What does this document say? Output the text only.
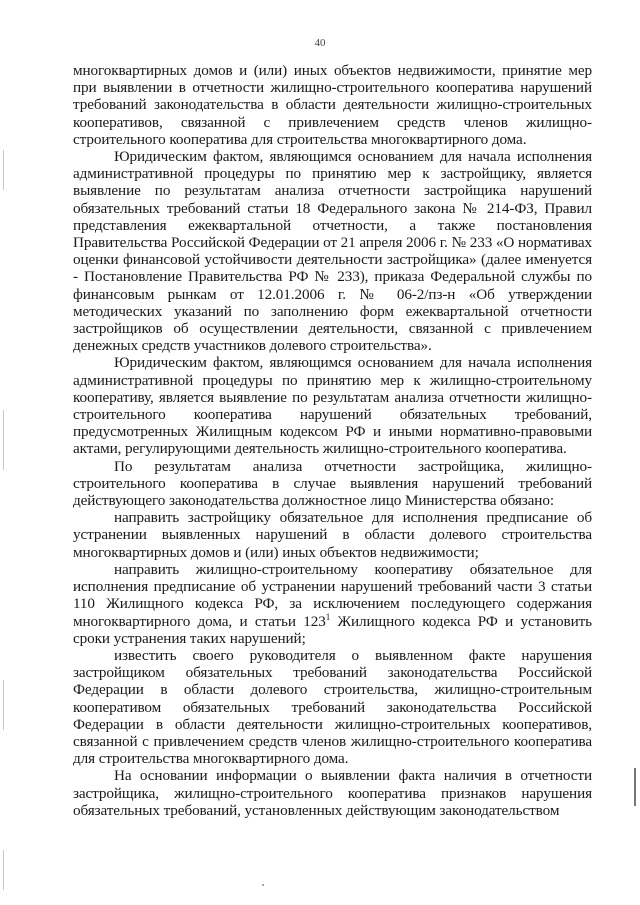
40

многоквартирных домов и (или) иных объектов недвижимости, принятие мер при выявлении в отчетности жилищно-строительного кооператива нарушений требований законодательства в области деятельности жилищно-строительных кооперативов, связанной с привлечением средств членов жилищно-строительного кооператива для строительства многоквартирного дома.

Юридическим фактом, являющимся основанием для начала исполнения административной процедуры по принятию мер к застройщику, является выявление по результатам анализа отчетности застройщика нарушений обязательных требований статьи 18 Федерального закона № 214-ФЗ, Правил представления ежеквартальной отчетности, а также постановления Правительства Российской Федерации от 21 апреля 2006 г. № 233 «О нормативах оценки финансовой устойчивости деятельности застройщика» (далее именуется - Постановление Правительства РФ № 233), приказа Федеральной службы по финансовым рынкам от 12.01.2006 г. № 06-2/пз-н «Об утверждении методических указаний по заполнению форм ежеквартальной отчетности застройщиков об осуществлении деятельности, связанной с привлечением денежных средств участников долевого строительства».

Юридическим фактом, являющимся основанием для начала исполнения административной процедуры по принятию мер к жилищно-строительному кооперативу, является выявление по результатам анализа отчетности жилищно-строительного кооператива нарушений обязательных требований, предусмотренных Жилищным кодексом РФ и иными нормативно-правовыми актами, регулирующими деятельность жилищно-строительного кооператива.

По результатам анализа отчетности застройщика, жилищно-строительного кооператива в случае выявления нарушений требований действующего законодательства должностное лицо Министерства обязано:

направить застройщику обязательное для исполнения предписание об устранении выявленных нарушений в области долевого строительства многоквартирных домов и (или) иных объектов недвижимости;

направить жилищно-строительному кооперативу обязательное для исполнения предписание об устранении нарушений требований части 3 статьи 110 Жилищного кодекса РФ, за исключением последующего содержания многоквартирного дома, и статьи $123^1$ Жилищного кодекса РФ и установить сроки устранения таких нарушений;

известить своего руководителя о выявленном факте нарушения застройщиком обязательных требований законодательства Российской Федерации в области долевого строительства, жилищно-строительным кооперативом обязательных требований законодательства Российской Федерации в области деятельности жилищно-строительных кооперативов, связанной с привлечением средств членов жилищно-строительного кооператива для строительства многоквартирного дома.

На основании информации о выявлении факта наличия в отчетности застройщика, жилищно-строительного кооператива признаков нарушения обязательных требований, установленных действующим законодательством
